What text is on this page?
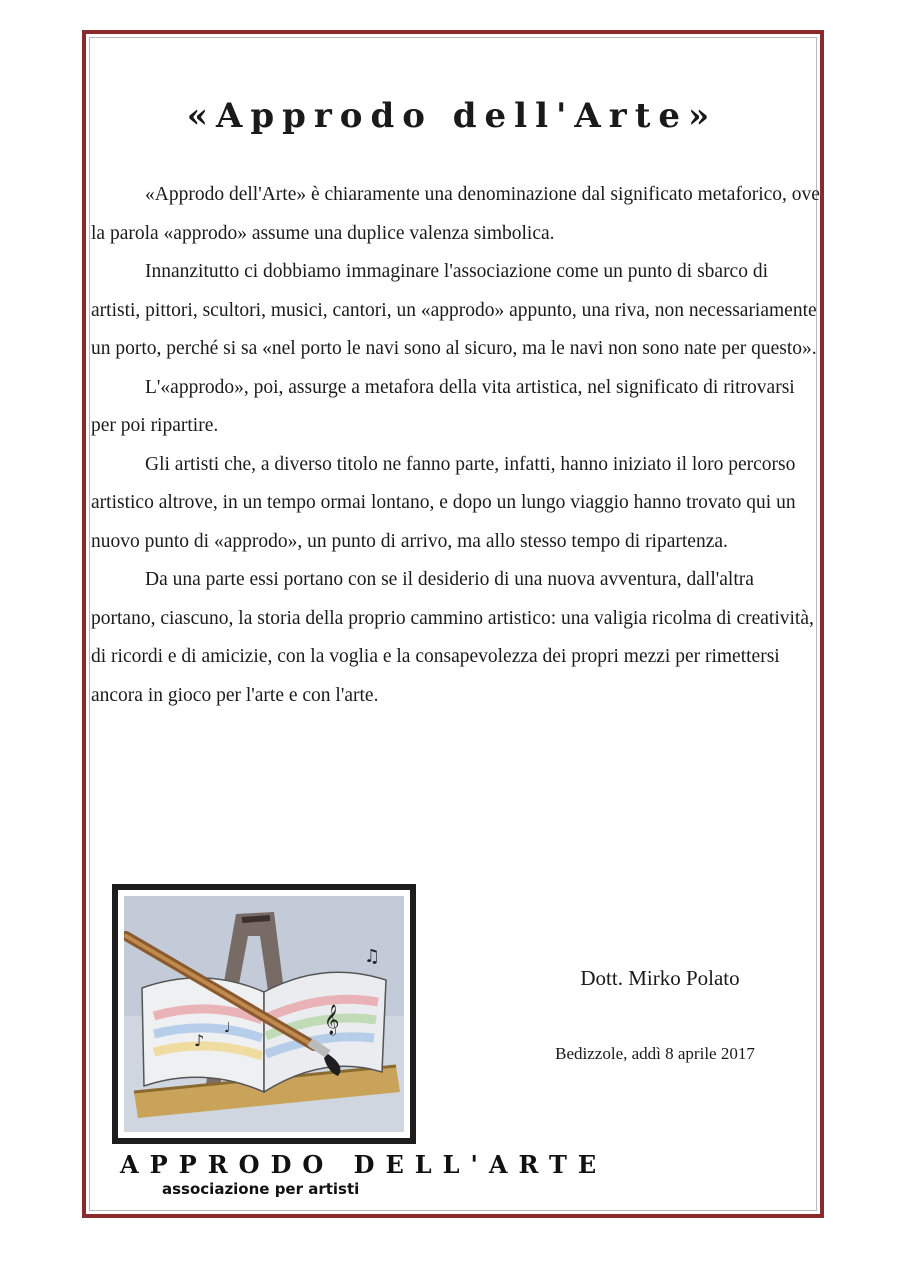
«Approdo dell'Arte»

«Approdo dell'Arte» è chiaramente una denominazione dal significato metaforico, ove la parola «approdo» assume una duplice valenza simbolica.

Innanzitutto ci dobbiamo immaginare l'associazione come un punto di sbarco di artisti, pittori, scultori, musici, cantori, un «approdo» appunto, una riva, non necessariamente un porto, perché si sa «nel porto le navi sono al sicuro, ma le navi non sono nate per questo».

L'«approdo», poi, assurge a metafora della vita artistica, nel significato di ritrovarsi per poi ripartire.

Gli artisti che, a diverso titolo ne fanno parte, infatti, hanno iniziato il loro percorso artistico altrove, in un tempo ormai lontano, e dopo un lungo viaggio hanno trovato qui un nuovo punto di «approdo», un punto di arrivo, ma allo stesso tempo di ripartenza.

Da una parte essi portano con se il desiderio di una nuova avventura, dall'altra portano, ciascuno, la storia della proprio cammino artistico: una valigia ricolma di creatività, di ricordi e di amicizie, con la voglia e la consapevolezza dei propri mezzi per rimettersi ancora in gioco per l'arte e con l'arte.

♪
♩	𝄞
♫
Dott. Mirko Polato
Bedizzole, addì 8 aprile 2017
APPRODO DELL'ARTE
associazione per artisti
